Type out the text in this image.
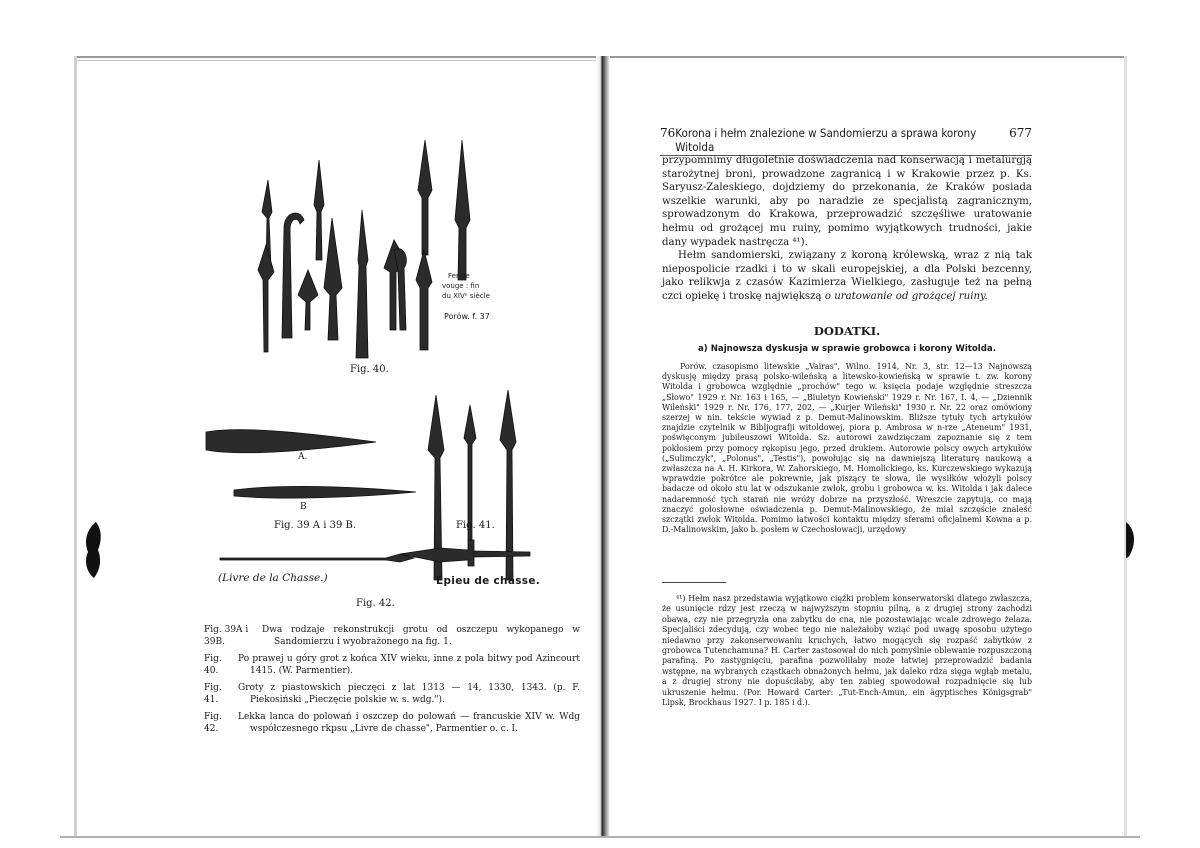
Fer de
vouge : fin
du XIVᵉ siècle
Porów. f. 37
Fig. 40.
A.
B
Fig. 39 A i 39 B.	Fig. 41.
(Livre de la Chasse.)	Épieu de chasse.
Fig. 42.
Fig. 39A i 39B.
Dwa rodzaje rekonstrukcji grotu od oszczepu wykopanego w Sandomierzu i wyobrażonego na fig. 1.
Fig. 40.
Po prawej u góry grot z końca XIV wieku, inne z pola bitwy pod Azincourt 1415. (W. Parmentier).
Fig. 41.
Groty z piastowskich pieczęci z lat 1313 — 14, 1330, 1343. (p. F. Piekosiński „Pieczęcie polskie w. s. wdg.").
Fig. 42.
Lekka lanca do polowań i oszczep do polowań — francuskie XIV w. Wdg współczesnego rkpsu „Livre de chasse", Parmentier o. c. I.
76 Korona i hełm znalezione w Sandomierzu a sprawa korony Witolda
677

przypomnimy długoletnie doświadczenia nad konserwacją i metalurgją starożytnej broni, prowadzone zagranicą i w Krakowie przez p. Ks. Saryusz-Zaleskiego, dojdziemy do przekonania, że Kraków posiada wszelkie warunki, aby po naradzie ze specjalistą zagranicznym, sprowadzonym do Krakowa, przeprowadzić szczęśliwe uratowanie hełmu od grożącej mu ruiny, pomimo wyjątkowych trudności, jakie dany wypadek nastręcza ⁴¹).

Hełm sandomierski, związany z koroną królewską, wraz z nią tak niepospolicie rzadki i to w skali europejskiej, a dla Polski bezcenny, jako relikwja z czasów Kazimierza Wielkiego, zasługuje też na pełną czci opiekę i troskę największą o uratowanie od grożącej ruiny.

DODATKI.
a) Najnowsza dyskusja w sprawie grobowca i korony Witolda.

Porów. czasopismo litewskie „Vairas", Wilno. 1914, Nr. 3, str. 12—13 Najnowszą dyskusję między prasą polsko-wileńską a litewsko-kowieńską w sprawie t. zw. korony Witolda i grobowca względnie „prochów" tego w. księcia podaje względnie streszcza „Słowo" 1929 r. Nr. 163 i 165, — „Biuletyn Kowieński" 1929 r. Nr. 167, I. 4, — „Dziennik Wileński" 1929 r. Nr. 176, 177, 202, — „Kurjer Wileński" 1930 r. Nr. 22 oraz omówiony szerzej w nin. tekście wywiad z p. Demut-Malinowskim. Bliższe tytuły tych artykułów znajdzie czytelnik w Bibljografji witoldowej, piora p. Ambrosa w n-rze „Ateneum" 1931, poświęconym jubileuszowi Witolda. Sz. autorowi zawdzięczam zapoznanie się z tem pokłosiem przy pomocy rękopisu jego, przed drukiem. Autorowie polscy owych artykułów („Sulimczyk", „Polonus", „Testis"), powołując się na dawniejszą literaturę naukową a zwłaszcza na A. H. Kirkora, W. Zahorskiego, M. Homolickiego, ks. Kurczewskiego wykazują wprawdzie pokrótce ale pokrewnie, jak piszący te słowa, ile wysiłków włożyli polscy badacze od około stu lat w odszukanie zwłok, grobu i grobowca w. ks. Witolda i jak dalece nadaremność tych starań nie wróży dobrze na przyszłość. Wreszcie zapytują, co mają znaczyć gołosłowne oświadczenia p. Demut-Malinowskiego, że miał szczęście znaleść szczątki zwłok Witolda. Pomimo łatwości kontaktu między sferami oficjalnemi Kowna a p. D.-Malinowskim, jako b. posłem w Czechosłowacji, urzędowy

⁴¹) Hełm nasz przedstawia wyjątkowo ciężki problem konserwatorski dlatego zwłaszcza, że usunięcie rdzy jest rzeczą w najwyższym stopniu pilną, a z drugiej strony zachodzi obawa, czy nie przegryzła ona zabytku do cna, nie pozostawiając wcale zdrowego żelaza. Specjaliści zdecydują, czy wobec tego nie należałoby wziąć pod uwagę sposobu użytego niedawno przy zakonserwowaniu kruchych, łatwo mogących się rozpaść zabytków z grobowca Tutenchamuna? H. Carter zastosował do nich pomyślnie oblewanie rozpuszczoną parafiną. Po zastygnięciu, parafina pozwoliłaby może łatwiej przeprowadzić badania wstępne, na wybranych cząstkach obnażonych hełmu, jak daleko rdza sięga wgłąb metalu, a z drugiej strony nie dopuściłaby, aby ten zabieg spowodował rozpadnięcie się lub ukruszenie hełmu. (Por. Howard Carter: „Tut-Ench-Amun, ein ägyptisches Königsgrab" Lipsk, Brockhaus 1927. I p. 185 i d.).
